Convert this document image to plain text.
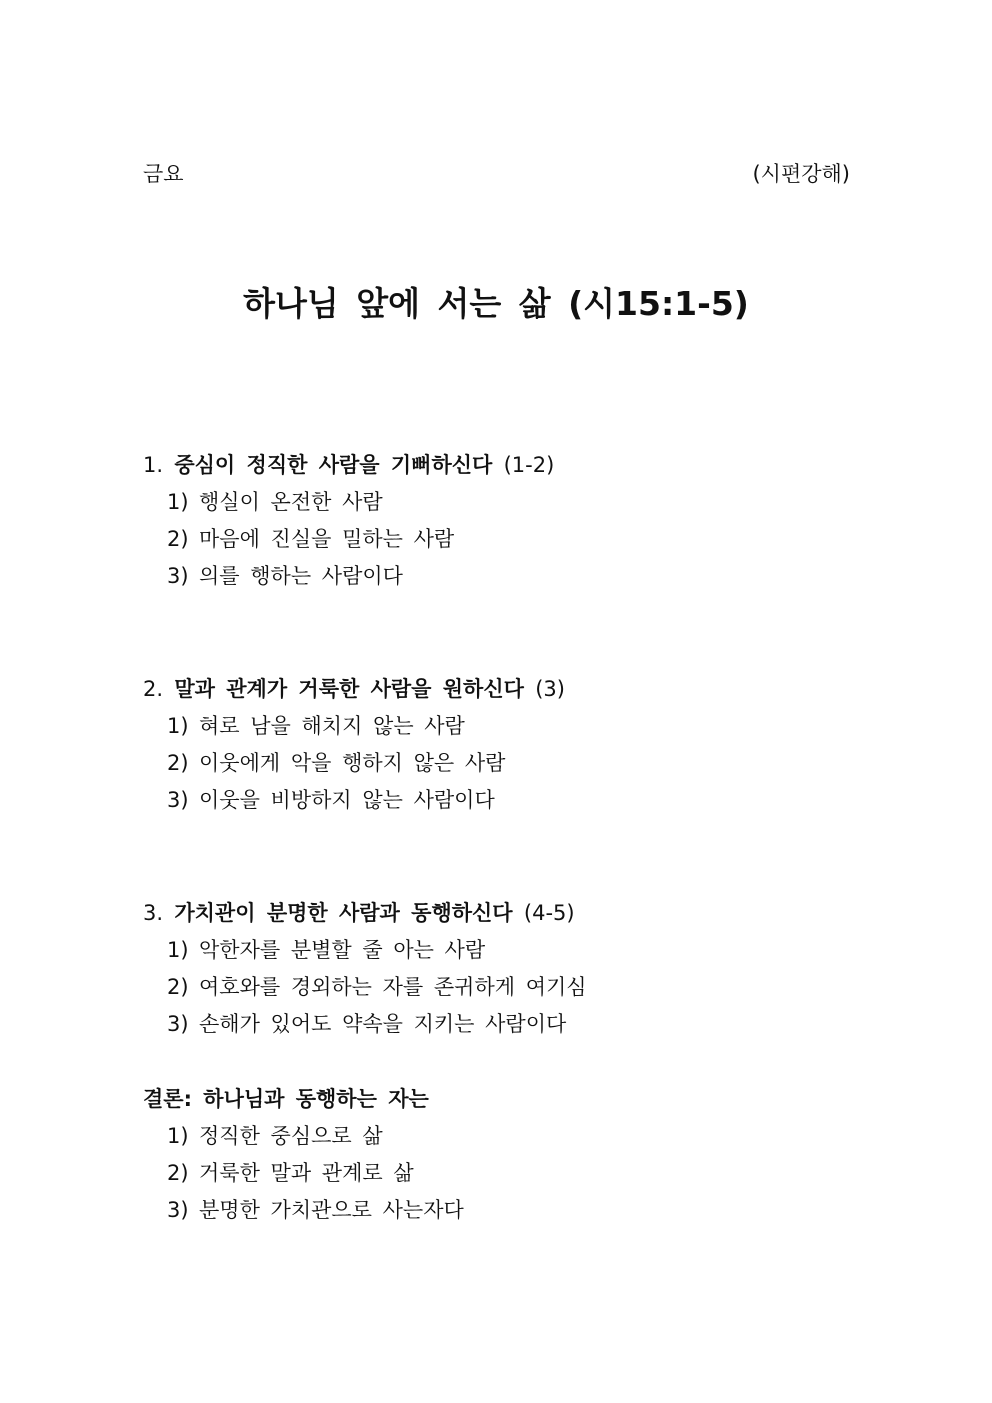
금요	(시편강해)
하나님 앞에 서는 삶 (시15:1-5)

1. 중심이 정직한 사람을 기뻐하신다 (1-2)

1) 행실이 온전한 사람
2) 마음에 진실을 밀하는 사람
3) 의를 행하는 사람이다

2. 말과 관계가 거룩한 사람을 원하신다 (3)

1) 혀로 남을 해치지 않는 사람
2) 이웃에게 악을 행하지 않은 사람
3) 이웃을 비방하지 않는 사람이다

3. 가치관이 분명한 사람과 동행하신다 (4-5)

1) 악한자를 분별할 줄 아는 사람
2) 여호와를 경외하는 자를 존귀하게 여기심
3) 손해가 있어도 약속을 지키는 사람이다

결론: 하나님과 동행하는 자는

1) 정직한 중심으로 삶
2) 거룩한 말과 관계로 삶
3) 분명한 가치관으로 사는자다
